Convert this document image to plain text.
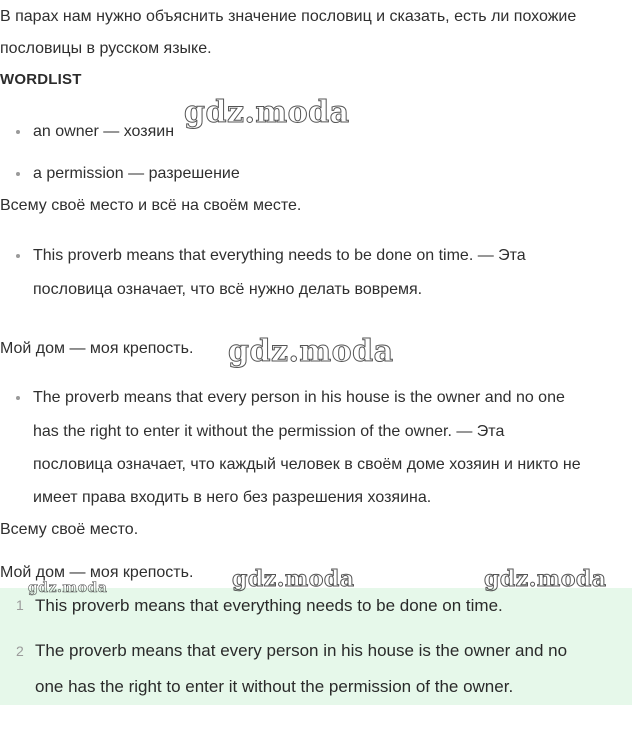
В парах нам нужно объяснить значение пословиц и сказать, есть ли похожие
пословицы в русском языке.
WORDLIST
an owner — хозяин
a permission — разрешение
Всему своё место и всё на своём месте.
This proverb means that everything needs to be done on time. — Эта
пословица означает, что всё нужно делать вовремя.
Мой дом — моя крепость.
The proverb means that every person in his house is the owner and no one
has the right to enter it without the permission of the owner. — Эта
пословица означает, что каждый человек в своём доме хозяин и никто не
имеет права входить в него без разрешения хозяина.
Всему своё место.
Мой дом — моя крепость.
1 This proverb means that everything needs to be done on time.
2 The proverb means that every person in his house is the owner and no
one has the right to enter it without the permission of the owner.
gdz.moda
gdz.moda
gdz.moda	gdz.moda
